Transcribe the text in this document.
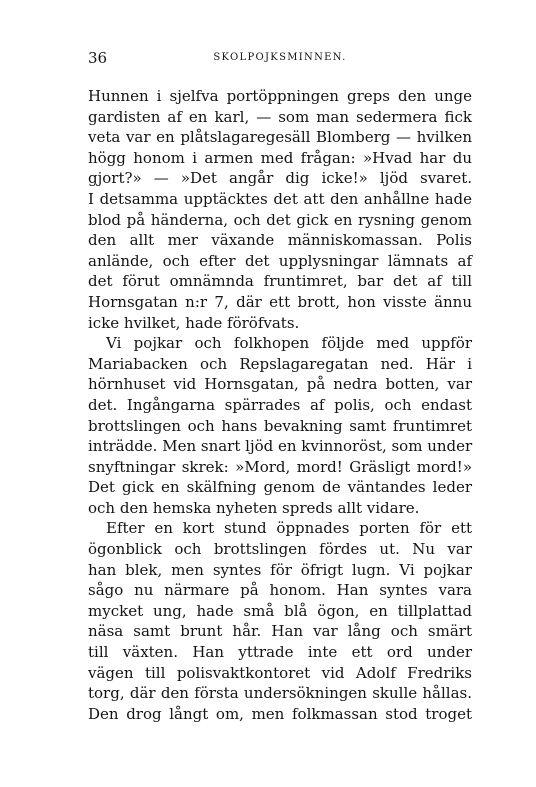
36	SKOLPOJKSMINNEN.
Hunnen i sjelfva portöppningen greps den unge
gardisten af en karl, — som man sedermera fick
veta var en plåtslagaregesäll Blomberg — hvilken
högg honom i armen med frågan: »Hvad har du
gjort?» — »Det angår dig icke!» ljöd svaret.
I detsamma upptäcktes det att den anhållne hade
blod på händerna, och det gick en rysning genom
den allt mer växande människomassan. Polis
anlände, och efter det upplysningar lämnats af
det förut omnämnda fruntimret, bar det af till
Hornsgatan n:r 7, där ett brott, hon visste ännu
icke hvilket, hade föröfvats.
Vi pojkar och folkhopen följde med uppför
Mariabacken och Repslagaregatan ned. Här i
hörnhuset vid Hornsgatan, på nedra botten, var
det. Ingångarna spärrades af polis, och endast
brottslingen och hans bevakning samt fruntimret
inträdde. Men snart ljöd en kvinnoröst, som under
snyftningar skrek: »Mord, mord! Gräsligt mord!»
Det gick en skälfning genom de väntandes leder
och den hemska nyheten spreds allt vidare.
Efter en kort stund öppnades porten för ett
ögonblick och brottslingen fördes ut. Nu var
han blek, men syntes för öfrigt lugn. Vi pojkar
sågo nu närmare på honom. Han syntes vara
mycket ung, hade små blå ögon, en tillplattad
näsa samt brunt hår. Han var lång och smärt
till växten. Han yttrade inte ett ord under
vägen till polisvaktkontoret vid Adolf Fredriks
torg, där den första undersökningen skulle hållas.
Den drog långt om, men folkmassan stod troget
